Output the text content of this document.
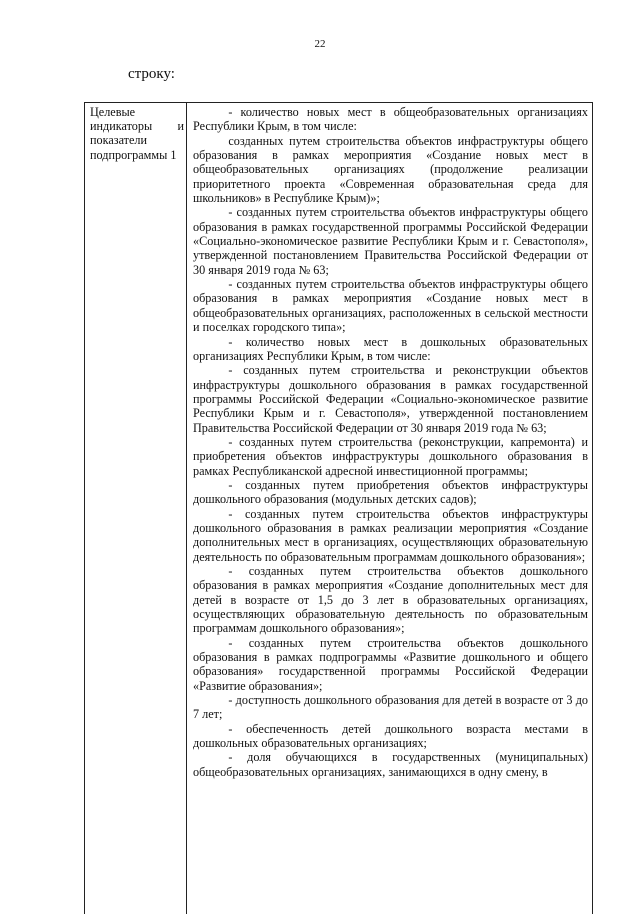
22
строку:
Целевые
индикаторы и
показатели
подпрограммы 1

- количество новых мест в общеобразовательных организациях Республики Крым, в том числе:

созданных путем строительства объектов инфраструктуры общего образования в рамках мероприятия «Создание новых мест в общеобразовательных организациях (продолжение реализации приоритетного проекта «Современная образовательная среда для школьников» в Республике Крым)»;

- созданных путем строительства объектов инфраструктуры общего образования в рамках государственной программы Российской Федерации «Социально-экономическое развитие Республики Крым и г. Севастополя», утвержденной постановлением Правительства Российской Федерации от 30 января 2019 года № 63;

- созданных путем строительства объектов инфраструктуры общего образования в рамках мероприятия «Создание новых мест в общеобразовательных организациях, расположенных в сельской местности и поселках городского типа»;

- количество новых мест в дошкольных образовательных организациях Республики Крым, в том числе:

- созданных путем строительства и реконструкции объектов инфраструктуры дошкольного образования в рамках государственной программы Российской Федерации «Социально-экономическое развитие Республики Крым и г. Севастополя», утвержденной постановлением Правительства Российской Федерации от 30 января 2019 года № 63;

- созданных путем строительства (реконструкции, капремонта) и приобретения объектов инфраструктуры дошкольного образования в рамках Республиканской адресной инвестиционной программы;

- созданных путем приобретения объектов инфраструктуры дошкольного образования (модульных детских садов);

- созданных путем строительства объектов инфраструктуры дошкольного образования в рамках реализации мероприятия «Создание дополнительных мест в организациях, осуществляющих образовательную деятельность по образовательным программам дошкольного образования»;

- созданных путем строительства объектов дошкольного образования в рамках мероприятия «Создание дополнительных мест для детей в возрасте от 1,5 до 3 лет в образовательных организациях, осуществляющих образовательную деятельность по образовательным программам дошкольного образования»;

- созданных путем строительства объектов дошкольного образования в рамках подпрограммы «Развитие дошкольного и общего образования» государственной программы Российской Федерации «Развитие образования»;

- доступность дошкольного образования для детей в возрасте от 3 до 7 лет;

- обеспеченность детей дошкольного возраста местами в дошкольных образовательных организациях;

- доля обучающихся в государственных (муниципальных) общеобразовательных организациях, занимающихся в одну смену, в
